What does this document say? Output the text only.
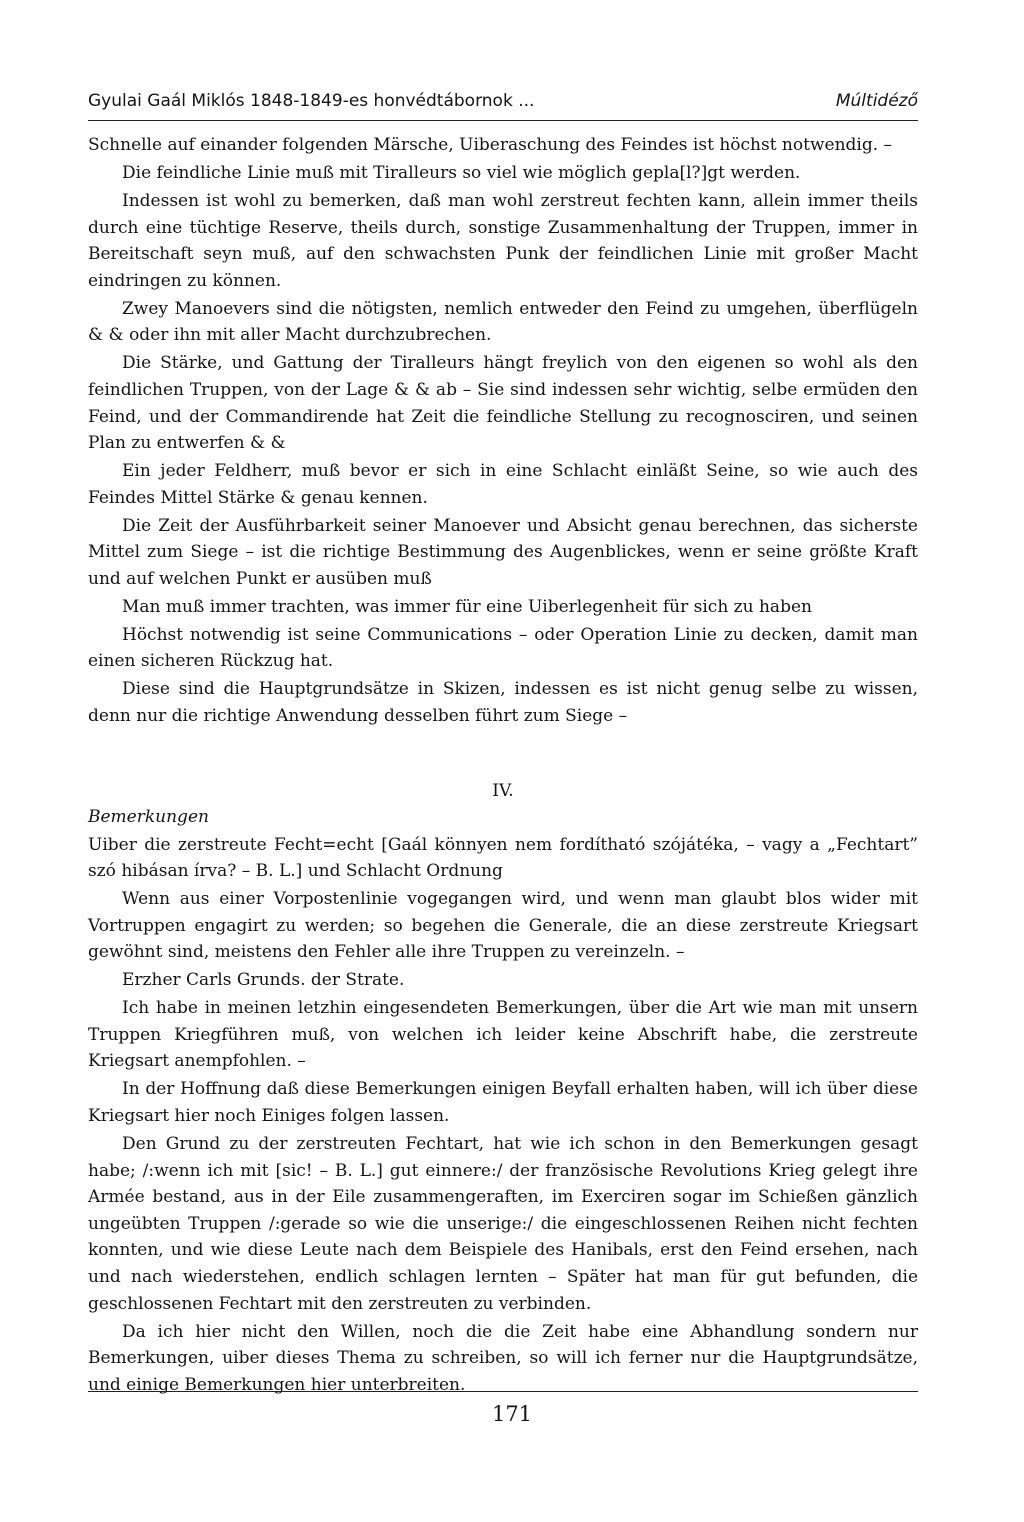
Gyulai Gaál Miklós 1848-1849-es honvédtábornok ...	Múltidéző

Schnelle auf einander folgenden Märsche, Uiberaschung des Feindes ist höchst notwendig. –

Die feindliche Linie muß mit Tiralleurs so viel wie möglich gepla[l?]gt werden.

Indessen ist wohl zu bemerken, daß man wohl zerstreut fechten kann, allein immer theils durch eine tüchtige Reserve, theils durch, sonstige Zusammenhaltung der Truppen, immer in Bereitschaft seyn muß, auf den schwachsten Punk der feindlichen Linie mit großer Macht eindringen zu können.

Zwey Manoevers sind die nötigsten, nemlich entweder den Feind zu umgehen, überflügeln & & oder ihn mit aller Macht durchzubrechen.

Die Stärke, und Gattung der Tiralleurs hängt freylich von den eigenen so wohl als den feindlichen Truppen, von der Lage & & ab – Sie sind indessen sehr wichtig, selbe ermüden den Feind, und der Commandirende hat Zeit die feindliche Stellung zu recognosciren, und seinen Plan zu entwerfen & &

Ein jeder Feldherr, muß bevor er sich in eine Schlacht einläßt Seine, so wie auch des Feindes Mittel Stärke & genau kennen.

Die Zeit der Ausführbarkeit seiner Manoever und Absicht genau berechnen, das sicherste Mittel zum Siege – ist die richtige Bestimmung des Augenblickes, wenn er seine größte Kraft und auf welchen Punkt er ausüben muß

Man muß immer trachten, was immer für eine Uiberlegenheit für sich zu haben

Höchst notwendig ist seine Communications – oder Operation Linie zu decken, damit man einen sicheren Rückzug hat.

Diese sind die Hauptgrundsätze in Skizen, indessen es ist nicht genug selbe zu wissen, denn nur die richtige Anwendung desselben führt zum Siege –

IV.

Bemerkungen

Uiber die zerstreute Fecht=echt [Gaál könnyen nem fordítható szójátéka, – vagy a „Fechtart” szó hibásan írva? – B. L.] und Schlacht Ordnung

Wenn aus einer Vorpostenlinie vogegangen wird, und wenn man glaubt blos wider mit Vortruppen engagirt zu werden; so begehen die Generale, die an diese zerstreute Kriegsart gewöhnt sind, meistens den Fehler alle ihre Truppen zu vereinzeln. –

Erzher Carls Grunds. der Strate.

Ich habe in meinen letzhin eingesendeten Bemerkungen, über die Art wie man mit unsern Truppen Kriegführen muß, von welchen ich leider keine Abschrift habe, die zerstreute Kriegsart anempfohlen. –

In der Hoffnung daß diese Bemerkungen einigen Beyfall erhalten haben, will ich über diese Kriegsart hier noch Einiges folgen lassen.

Den Grund zu der zerstreuten Fechtart, hat wie ich schon in den Bemerkungen gesagt habe; /:wenn ich mit [sic! – B. L.] gut einnere:/ der französische Revolutions Krieg gelegt ihre Armée bestand, aus in der Eile zusammengeraften, im Exerciren sogar im Schießen gänzlich ungeübten Truppen /:gerade so wie die unserige:/ die eingeschlossenen Reihen nicht fechten konnten, und wie diese Leute nach dem Beispiele des Hanibals, erst den Feind ersehen, nach und nach wiederstehen, endlich schlagen lernten – Später hat man für gut befunden, die geschlossenen Fechtart mit den zerstreuten zu verbinden.

Da ich hier nicht den Willen, noch die die Zeit habe eine Abhandlung sondern nur Bemerkungen, uiber dieses Thema zu schreiben, so will ich ferner nur die Hauptgrundsätze, und einige Bemerkungen hier unterbreiten.

171
